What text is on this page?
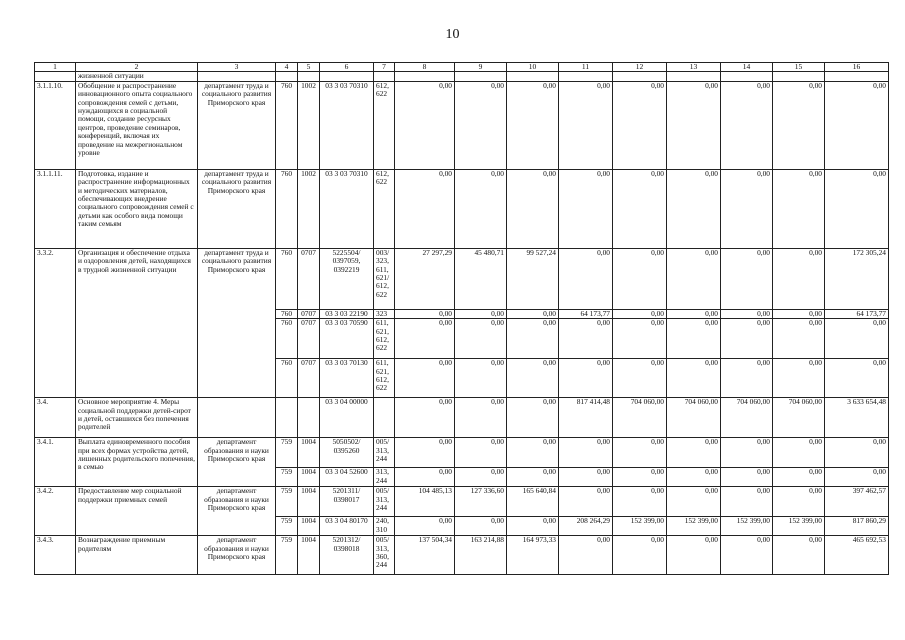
10
1	2	3	4	5	6	7	8	9	10	11	12	13	14	15	16
	жизненной ситуации														
3.1.1.10.	Обобщение и распространение инновационного опыта социального сопровождения семей с детьми, нуждающихся в социальной помощи, создание ресурсных центров, проведение семинаров, конференций, включая их проведение на межрегиональном уровне	департамент труда и социального развития Приморского края	760	1002	03 3 03 70310	612, 622	0,00	0,00	0,00	0,00	0,00	0,00	0,00	0,00	0,00
3.1.1.11.	Подготовка, издание и распространение информационных и методических материалов, обеспечивающих внедрение социального сопровождения семей с детьми как особого вида помощи таким семьям	департамент труда и социального развития Приморского края	760	1002	03 3 03 70310	612, 622	0,00	0,00	0,00	0,00	0,00	0,00	0,00	0,00	0,00
3.3.2.	Организация и обеспечение отдыха и оздоровления детей, находящихся в трудной жизненной ситуации	департамент труда и социального развития Приморского края	760	0707	5225504/ 0397059, 0392219	003/ 323, 611, 621/ 612, 622	27 297,29	45 480,71	99 527,24	0,00	0,00	0,00	0,00	0,00	172 305,24
			760	0707	03 3 03 22190	323	0,00	0,00	0,00	64 173,77	0,00	0,00	0,00	0,00	64 173,77
			760	0707	03 3 03 70590	611, 621, 612, 622	0,00	0,00	0,00	0,00	0,00	0,00	0,00	0,00	0,00
			760	0707	03 3 03 70130	611, 621, 612, 622	0,00	0,00	0,00	0,00	0,00	0,00	0,00	0,00	0,00
3.4.	Основное мероприятие 4. Меры социальной поддержки детей-сирот и детей, оставшихся без попечения родителей				03 3 04 00000		0,00	0,00	0,00	817 414,48	704 060,00	704 060,00	704 060,00	704 060,00	3 633 654,48
3.4.1.	Выплата единовременного пособия при всех формах устройства детей, лишенных родительского попечения, в семью	департамент образования и науки Приморского края	759	1004	5050502/ 0395260	005/ 313, 244	0,00	0,00	0,00	0,00	0,00	0,00	0,00	0,00	0,00
			759	1004	03 3 04 52600	313, 244	0,00	0,00	0,00	0,00	0,00	0,00	0,00	0,00	0,00
3.4.2.	Предоставление мер социальной поддержки приемных семей	департамент образования и науки Приморского края	759	1004	5201311/ 0398017	005/ 313, 244	104 485,13	127 336,60	165 640,84	0,00	0,00	0,00	0,00	0,00	397 462,57
			759	1004	03 3 04 80170	240, 310	0,00	0,00	0,00	208 264,29	152 399,00	152 399,00	152 399,00	152 399,00	817 860,29
3.4.3.	Вознаграждение приемным родителям	департамент образования и науки Приморского края	759	1004	5201312/ 0398018	005/ 313, 360, 244	137 504,34	163 214,88	164 973,33	0,00	0,00	0,00	0,00	0,00	465 692,53
